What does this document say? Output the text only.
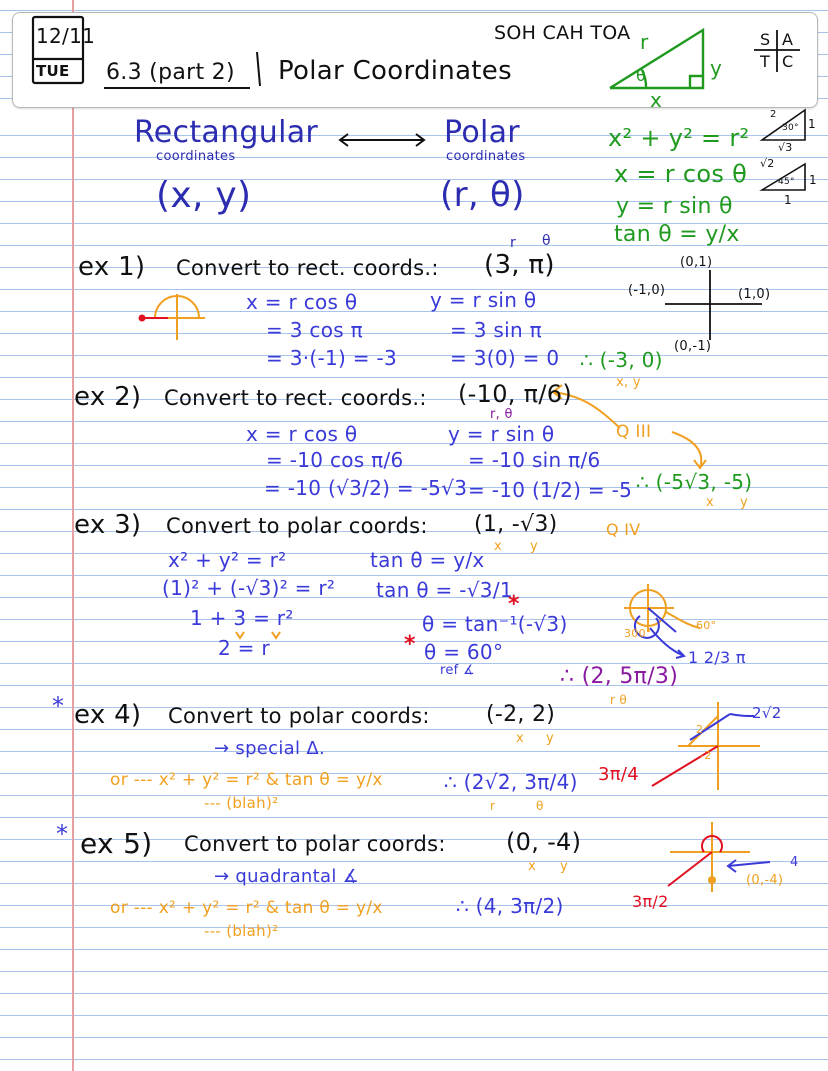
12/11
TUE 6.3 (part 2) Polar Coordinates
SOH CAH TOA r
y
x
θ
S A
T C
Rectangular
coordinates
(x, y)
Polar
coordinates
(r, θ)
x² + y² = r²
x = r cos θ
y = r sin θ
tan θ = y/x
2
30° 1
√3
√2
45° 1
1
(0,1)
(-1,0)	(1,0)
(0,-1)
ex 1) Convert to rect. coords.: (3, π)
r θ
x = r cos θ
= 3 cos π
= 3·(-1) = -3
y = r sin θ
= 3 sin π
= 3(0) = 0 ∴ (-3, 0)
x, y
ex 2) Convert to rect. coords.: (-10, π/6)
r, θ
Q III
x = r cos θ
= -10 cos π/6
= -10 (√3/2) = -5√3
y = r sin θ
= -10 sin π/6
= -10 (1/2) = -5 ∴ (-5√3, -5)
x y
ex 3) Convert to polar coords: (1, -√3)
x y
Q IV
x² + y² = r²
(1)² + (-√3)² = r²
1 + 3 = r²
2 = r
tan θ = y/x
tan θ = -√3/1
θ = tan⁻¹(-√3)
θ = 60°
ref ∡
*
*	300°
60°
∴ (2, 5π/3)
r θ
1 2/3 π
* ex 4) Convert to polar coords:	(-2, 2)
x y
→ special Δ.
or --- x² + y² = r² & tan θ = y/x
--- (blah)²
∴ (2√2, 3π/4)
r	θ
3π/4
2√2
2
-2
* ex 5) Convert to polar coords:	(0, -4)
x y
→ quadrantal ∡
or --- x² + y² = r² & tan θ = y/x
--- (blah)²
∴ (4, 3π/2)	3π/2
4
(0,-4)
